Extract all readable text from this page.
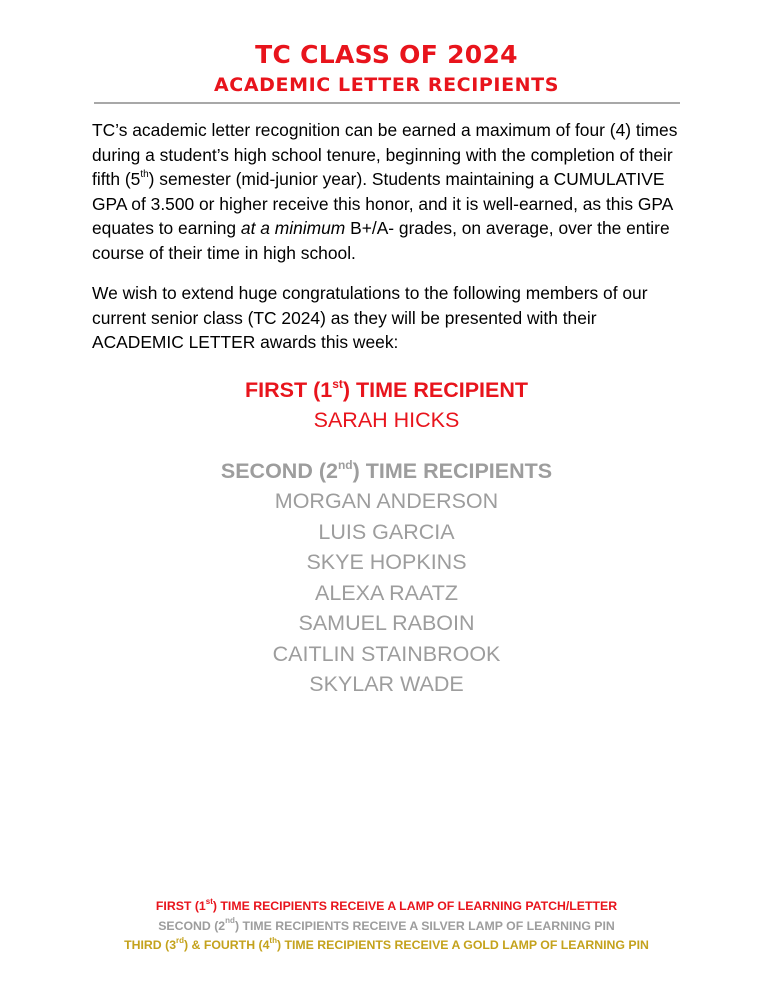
TC CLASS OF 2024
ACADEMIC LETTER RECIPIENTS

TC’s academic letter recognition can be earned a maximum of four (4) times during a student’s high school tenure, beginning with the completion of their fifth (5th) semester (mid-junior year). Students maintaining a CUMULATIVE GPA of 3.500 or higher receive this honor, and it is well-earned, as this GPA equates to earning at a minimum B+/A- grades, on average, over the entire course of their time in high school.

We wish to extend huge congratulations to the following members of our current senior class (TC 2024) as they will be presented with their ACADEMIC LETTER awards this week:

FIRST (1st) TIME RECIPIENT
SARAH HICKS
SECOND (2nd) TIME RECIPIENTS
MORGAN ANDERSON
LUIS GARCIA
SKYE HOPKINS
ALEXA RAATZ
SAMUEL RABOIN
CAITLIN STAINBROOK
SKYLAR WADE
FIRST (1st) TIME RECIPIENTS RECEIVE A LAMP OF LEARNING PATCH/LETTER
SECOND (2nd) TIME RECIPIENTS RECEIVE A SILVER LAMP OF LEARNING PIN
THIRD (3rd) & FOURTH (4th) TIME RECIPIENTS RECEIVE A GOLD LAMP OF LEARNING PIN
